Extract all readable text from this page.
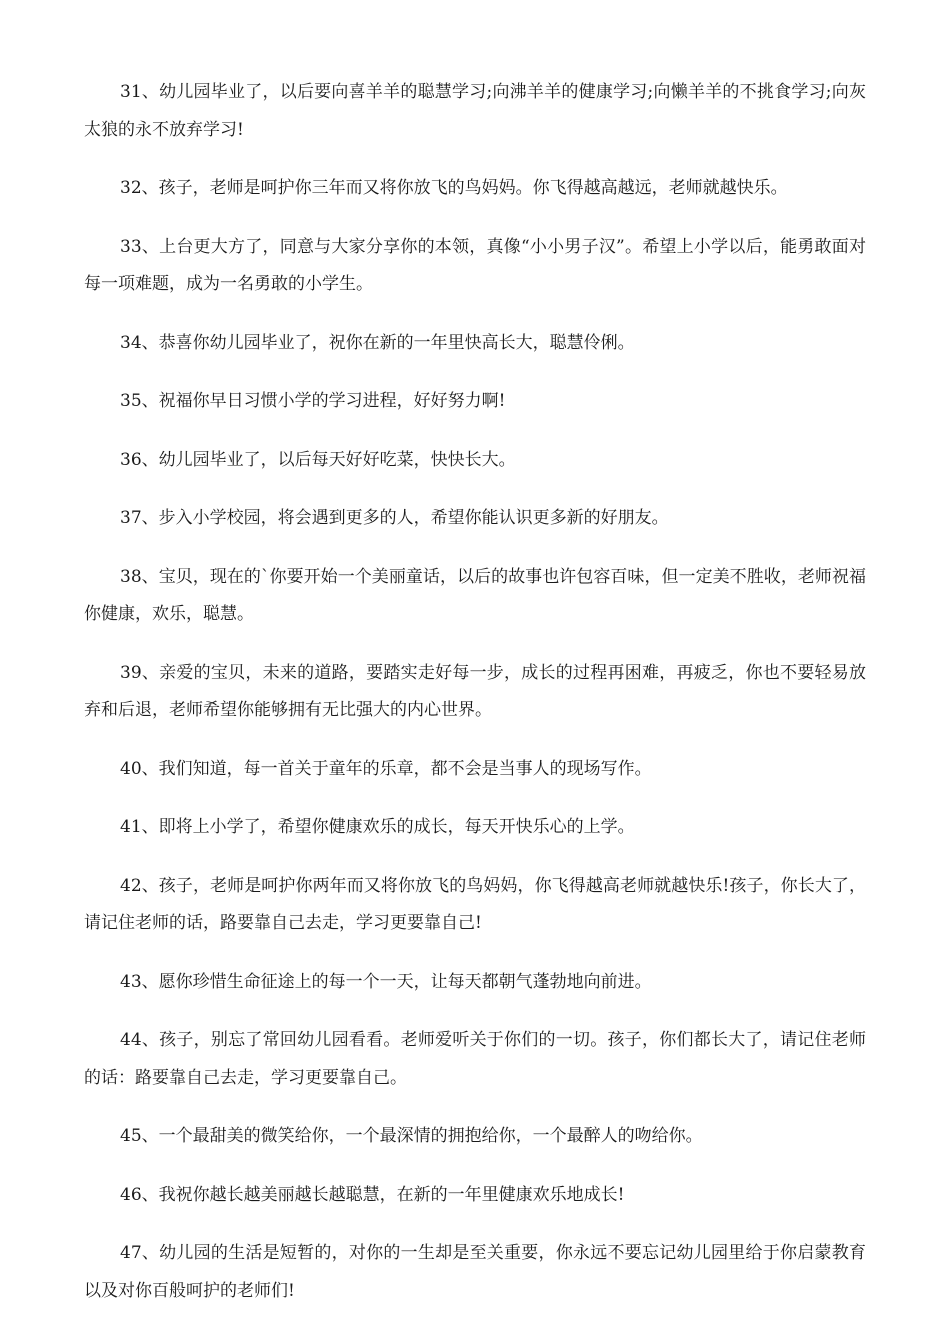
31、幼儿园毕业了，以后要向喜羊羊的聪慧学习;向沸羊羊的健康学习;向懒羊羊的不挑食学习;向灰太狼的永不放弃学习!

32、孩子，老师是呵护你三年而又将你放飞的鸟妈妈。你飞得越高越远，老师就越快乐。

33、上台更大方了，同意与大家分享你的本领，真像“小小男子汉”。希望上小学以后，能勇敢面对每一项难题，成为一名勇敢的小学生。

34、恭喜你幼儿园毕业了，祝你在新的一年里快高长大，聪慧伶俐。

35、祝福你早日习惯小学的学习进程，好好努力啊!

36、幼儿园毕业了，以后每天好好吃菜，快快长大。

37、步入小学校园，将会遇到更多的人，希望你能认识更多新的好朋友。

38、宝贝，现在的`你要开始一个美丽童话，以后的故事也许包容百味，但一定美不胜收，老师祝福你健康，欢乐，聪慧。

39、亲爱的宝贝，未来的道路，要踏实走好每一步，成长的过程再困难，再疲乏，你也不要轻易放弃和后退，老师希望你能够拥有无比强大的内心世界。

40、我们知道，每一首关于童年的乐章，都不会是当事人的现场写作。

41、即将上小学了，希望你健康欢乐的成长，每天开快乐心的上学。

42、孩子，老师是呵护你两年而又将你放飞的鸟妈妈，你飞得越高老师就越快乐!孩子，你长大了，请记住老师的话，路要靠自己去走，学习更要靠自己!

43、愿你珍惜生命征途上的每一个一天，让每天都朝气蓬勃地向前进。

44、孩子，别忘了常回幼儿园看看。老师爱听关于你们的一切。孩子，你们都长大了，请记住老师的话：路要靠自己去走，学习更要靠自己。

45、一个最甜美的微笑给你，一个最深情的拥抱给你，一个最醉人的吻给你。

46、我祝你越长越美丽越长越聪慧，在新的一年里健康欢乐地成长!

47、幼儿园的生活是短暂的，对你的一生却是至关重要，你永远不要忘记幼儿园里给于你启蒙教育以及对你百般呵护的老师们!
